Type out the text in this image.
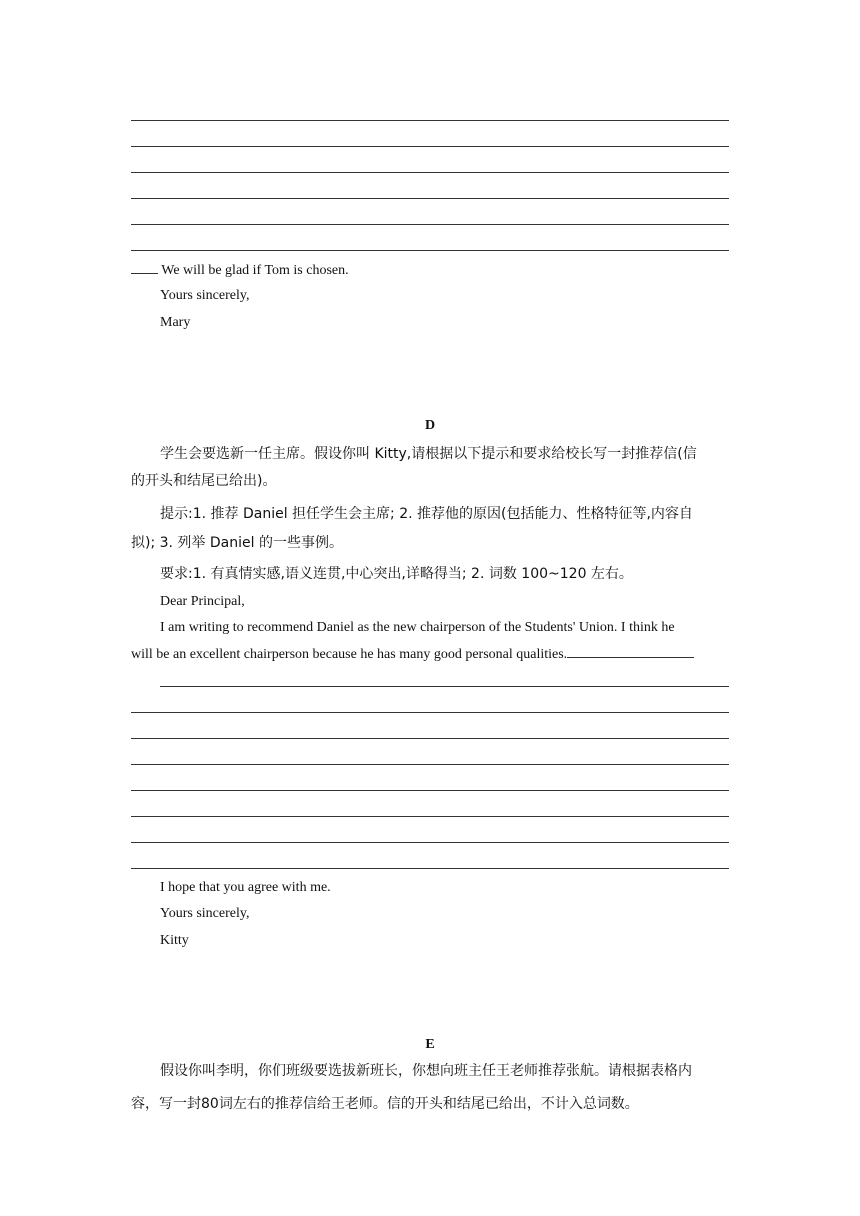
We will be glad if Tom is chosen.
Yours sincerely,
Mary
D
学生会要选新一任主席。假设你叫 Kitty,请根据以下提示和要求给校长写一封推荐信(信
的开头和结尾已给出)。
提示:1. 推荐 Daniel 担任学生会主席; 2. 推荐他的原因(包括能力、性格特征等,内容自
拟); 3. 列举 Daniel 的一些事例。
要求:1. 有真情实感,语义连贯,中心突出,详略得当; 2. 词数 100~120 左右。
Dear Principal,
I am writing to recommend Daniel as the new chairperson of the Students' Union. I think he
will be an excellent chairperson because he has many good personal qualities.
I hope that you agree with me.
Yours sincerely,
Kitty
E
假设你叫李明，你们班级要选拔新班长，你想向班主任王老师推荐张航。请根据表格内
容，写一封80词左右的推荐信给王老师。信的开头和结尾已给出，不计入总词数。
